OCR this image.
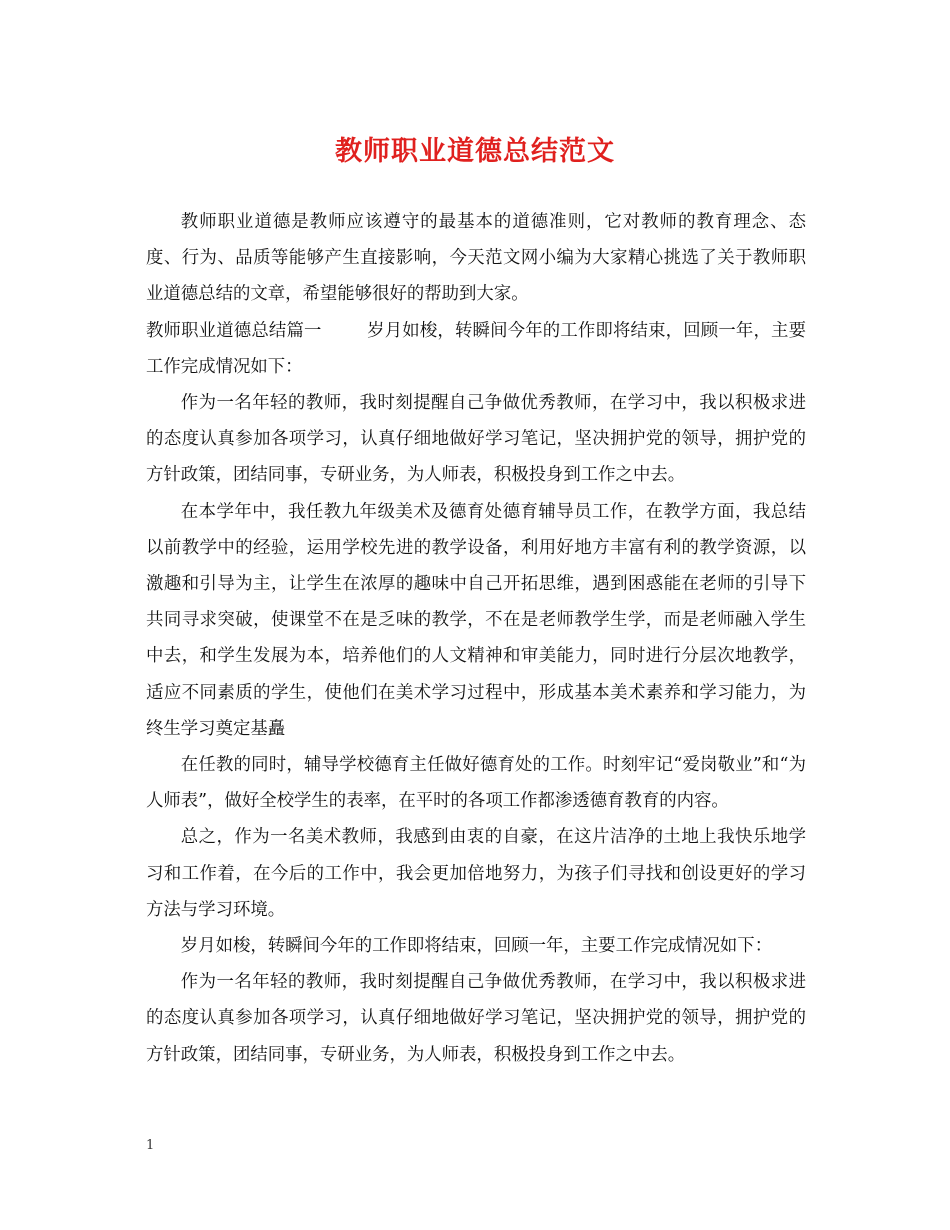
教师职业道德总结范文

教师职业道德是教师应该遵守的最基本的道德准则，它对教师的教育理念、态度、行为、品质等能够产生直接影响，今天范文网小编为大家精心挑选了关于教师职业道德总结的文章，希望能够很好的帮助到大家。

教师职业道德总结篇一	岁月如梭，转瞬间今年的工作即将结束，回顾一年，主要工作完成情况如下：

作为一名年轻的教师，我时刻提醒自己争做优秀教师，在学习中，我以积极求进的态度认真参加各项学习，认真仔细地做好学习笔记，坚决拥护党的领导，拥护党的方针政策，团结同事，专研业务，为人师表，积极投身到工作之中去。

在本学年中，我任教九年级美术及德育处德育辅导员工作，在教学方面，我总结以前教学中的经验，运用学校先进的教学设备，利用好地方丰富有利的教学资源，以激趣和引导为主，让学生在浓厚的趣味中自己开拓思维，遇到困惑能在老师的引导下共同寻求突破，使课堂不在是乏味的教学，不在是老师教学生学，而是老师融入学生中去，和学生发展为本，培养他们的人文精神和审美能力，同时进行分层次地教学，适应不同素质的学生，使他们在美术学习过程中，形成基本美术素养和学习能力，为终生学习奠定基矗

在任教的同时，辅导学校德育主任做好德育处的工作。时刻牢记“爱岗敬业”和“为人师表”，做好全校学生的表率，在平时的各项工作都渗透德育教育的内容。

总之，作为一名美术教师，我感到由衷的自豪，在这片洁净的土地上我快乐地学习和工作着，在今后的工作中，我会更加倍地努力，为孩子们寻找和创设更好的学习方法与学习环境。

岁月如梭，转瞬间今年的工作即将结束，回顾一年，主要工作完成情况如下：

作为一名年轻的教师，我时刻提醒自己争做优秀教师，在学习中，我以积极求进的态度认真参加各项学习，认真仔细地做好学习笔记，坚决拥护党的领导，拥护党的方针政策，团结同事，专研业务，为人师表，积极投身到工作之中去。

1
